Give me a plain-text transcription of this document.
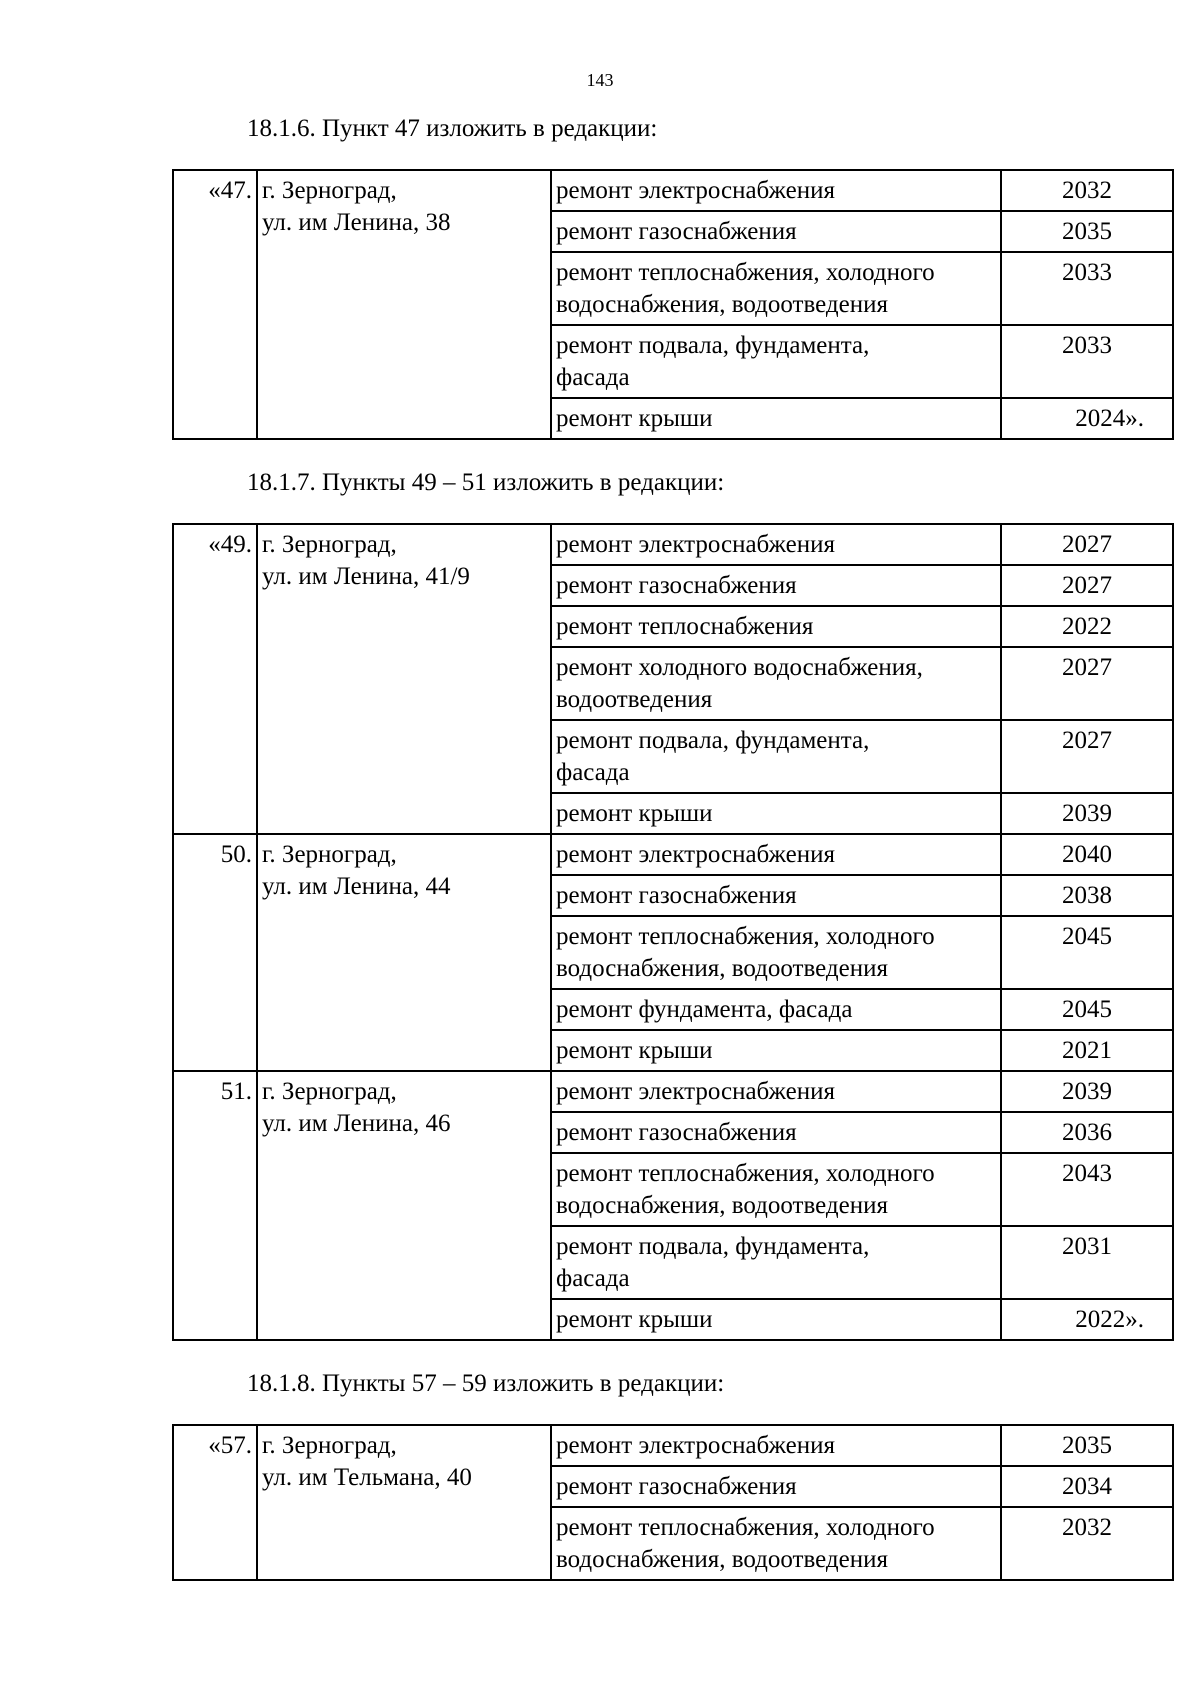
143
18.1.6. Пункт 47 изложить в редакции:
«47.	г. Зерноград,
ул. им Ленина, 38	ремонт электроснабжения	2032
		ремонт газоснабжения	2035
		ремонт теплоснабжения, холодного
водоснабжения, водоотведения	2033
		ремонт подвала, фундамента,
фасада	2033
		ремонт крыши	2024».
18.1.7. Пункты 49 – 51 изложить в редакции:
«49.	г. Зерноград,
ул. им Ленина, 41/9	ремонт электроснабжения	2027
		ремонт газоснабжения	2027
		ремонт теплоснабжения	2022
		ремонт холодного водоснабжения,
водоотведения	2027
		ремонт подвала, фундамента,
фасада	2027
		ремонт крыши	2039
50.	г. Зерноград,
ул. им Ленина, 44	ремонт электроснабжения	2040
		ремонт газоснабжения	2038
		ремонт теплоснабжения, холодного
водоснабжения, водоотведения	2045
		ремонт фундамента, фасада	2045
		ремонт крыши	2021
51.	г. Зерноград,
ул. им Ленина, 46	ремонт электроснабжения	2039
		ремонт газоснабжения	2036
		ремонт теплоснабжения, холодного
водоснабжения, водоотведения	2043
		ремонт подвала, фундамента,
фасада	2031
		ремонт крыши	2022».
18.1.8. Пункты 57 – 59 изложить в редакции:
«57.	г. Зерноград,
ул. им Тельмана, 40	ремонт электроснабжения	2035
		ремонт газоснабжения	2034
		ремонт теплоснабжения, холодного
водоснабжения, водоотведения	2032
